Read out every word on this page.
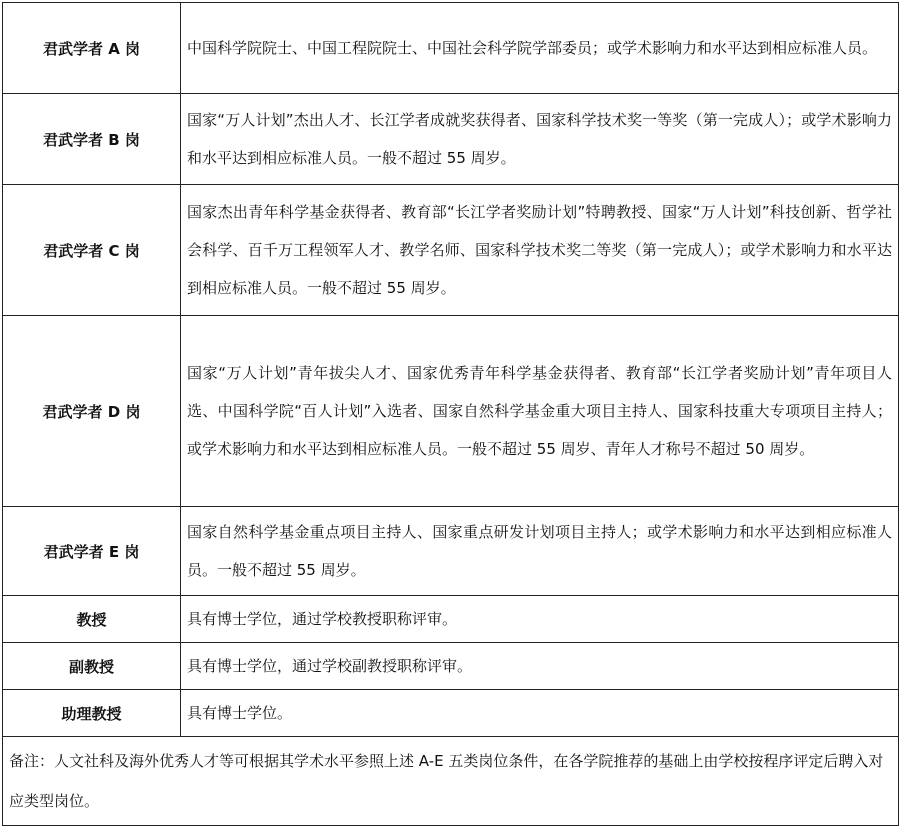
君武学者 A 岗	中国科学院院士、中国工程院院士、中国社会科学院学部委员；或学术影响力和水平达到相应标准人员。
君武学者 B 岗	国家“万人计划”杰出人才、长江学者成就奖获得者、国家科学技术奖一等奖（第一完成人）；或学术影响力和水平达到相应标准人员。一般不超过 55 周岁。
君武学者 C 岗	国家杰出青年科学基金获得者、教育部“长江学者奖励计划”特聘教授、国家“万人计划”科技创新、哲学社会科学、百千万工程领军人才、教学名师、国家科学技术奖二等奖（第一完成人）；或学术影响力和水平达到相应标准人员。一般不超过 55 周岁。
君武学者 D 岗	国家“万人计划”青年拔尖人才、国家优秀青年科学基金获得者、教育部“长江学者奖励计划”青年项目人选、中国科学院“百人计划”入选者、国家自然科学基金重大项目主持人、国家科技重大专项项目主持人；或学术影响力和水平达到相应标准人员。一般不超过 55 周岁、青年人才称号不超过 50 周岁。
君武学者 E 岗	国家自然科学基金重点项目主持人、国家重点研发计划项目主持人；或学术影响力和水平达到相应标准人员。一般不超过 55 周岁。
教授	具有博士学位，通过学校教授职称评审。
副教授	具有博士学位，通过学校副教授职称评审。
助理教授	具有博士学位。
备注：人文社科及海外优秀人才等可根据其学术水平参照上述 A-E 五类岗位条件，在各学院推荐的基础上由学校按程序评定后聘入对应类型岗位。	
